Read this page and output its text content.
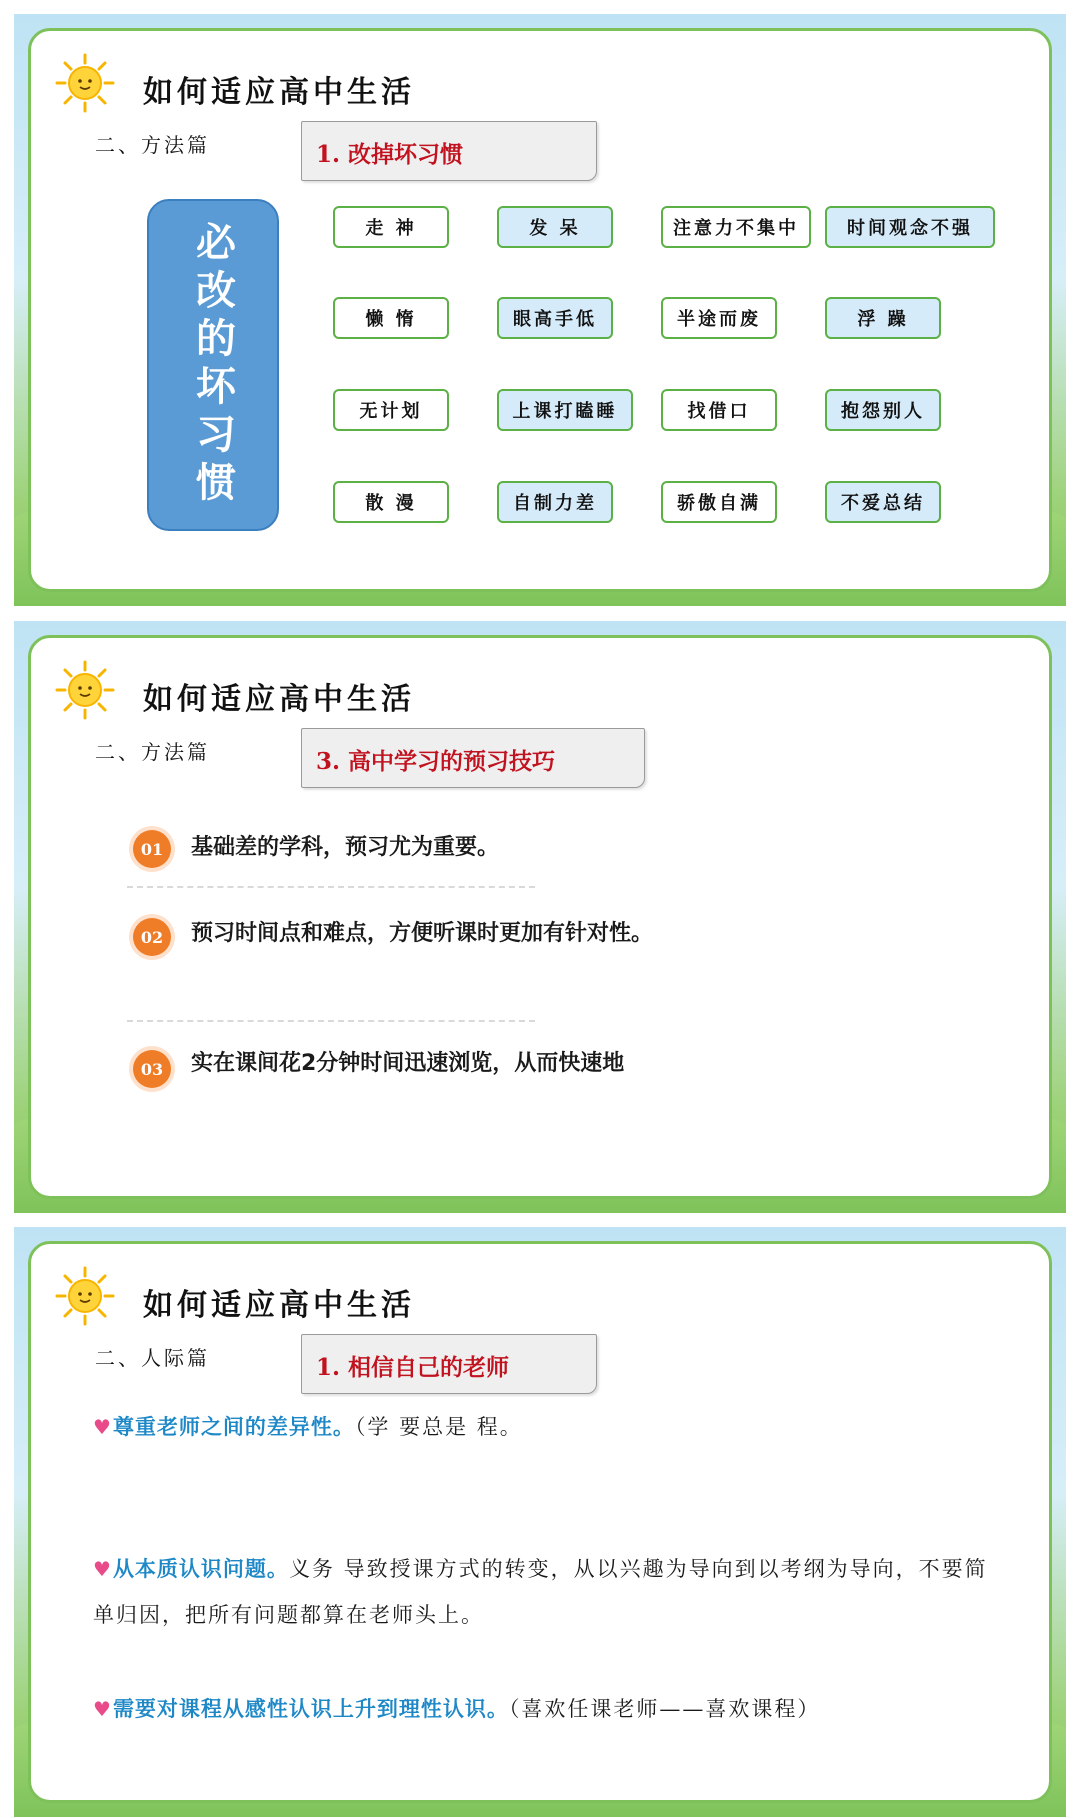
如何适应高中生活
二、方法篇	1. 改掉坏习惯
必改的坏习惯	走 神	发 呆	注意力不集中	时间观念不强
懒 惰	眼高手低	半途而废	浮 躁
无计划	上课打瞌睡	找借口	抱怨别人
散 漫	自制力差	骄傲自满	不爱总结
如何适应高中生活
二、方法篇	3. 高中学习的预习技巧
01	基础差的学科，预习尤为重要。
02	预习时间点和难点，方便听课时更加有针对性。
03	实在课间花2分钟时间迅速浏览，从而快速地
如何适应高中生活
二、人际篇	1. 相信自己的老师
♥尊重老师之间的差异性。（学 要总是 程。
♥从本质认识问题。义务 导致授课方式的转变，从以兴趣为导向到以考纲为导向，不要简单归因，把所有问题都算在老师头上。
♥需要对课程从感性认识上升到理性认识。（喜欢任课老师——喜欢课程）
